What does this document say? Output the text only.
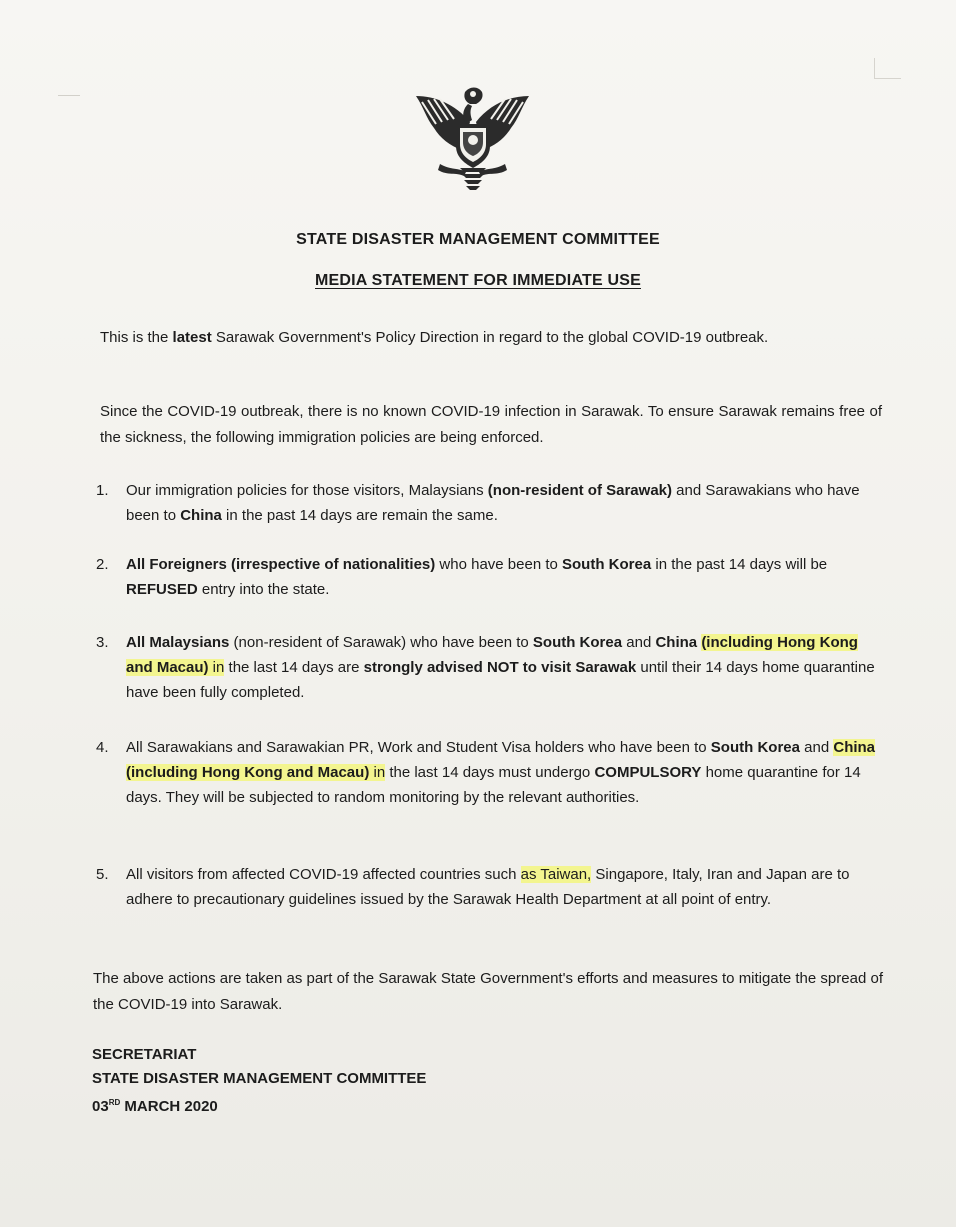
STATE DISASTER MANAGEMENT COMMITTEE
MEDIA STATEMENT FOR IMMEDIATE USE

This is the latest Sarawak Government's Policy Direction in regard to the global COVID-19 outbreak.

Since the COVID-19 outbreak, there is no known COVID-19 infection in Sarawak. To ensure Sarawak remains free of the sickness, the following immigration policies are being enforced.

1.	Our immigration policies for those visitors, Malaysians (non-resident of Sarawak) and Sarawakians who have been to China in the past 14 days are remain the same.
2.	All Foreigners (irrespective of nationalities) who have been to South Korea in the past 14 days will be REFUSED entry into the state.
3.	All Malaysians (non-resident of Sarawak) who have been to South Korea and China (including Hong Kong and Macau) in the last 14 days are strongly advised NOT to visit Sarawak until their 14 days home quarantine have been fully completed.
4.	All Sarawakians and Sarawakian PR, Work and Student Visa holders who have been to South Korea and China (including Hong Kong and Macau) in the last 14 days must undergo COMPULSORY home quarantine for 14 days. They will be subjected to random monitoring by the relevant authorities.
5.	All visitors from affected COVID-19 affected countries such as Taiwan, Singapore, Italy, Iran and Japan are to adhere to precautionary guidelines issued by the Sarawak Health Department at all point of entry.

The above actions are taken as part of the Sarawak State Government's efforts and measures to mitigate the spread of the COVID-19 into Sarawak.

SECRETARIAT
STATE DISASTER MANAGEMENT COMMITTEE
03RD MARCH 2020
